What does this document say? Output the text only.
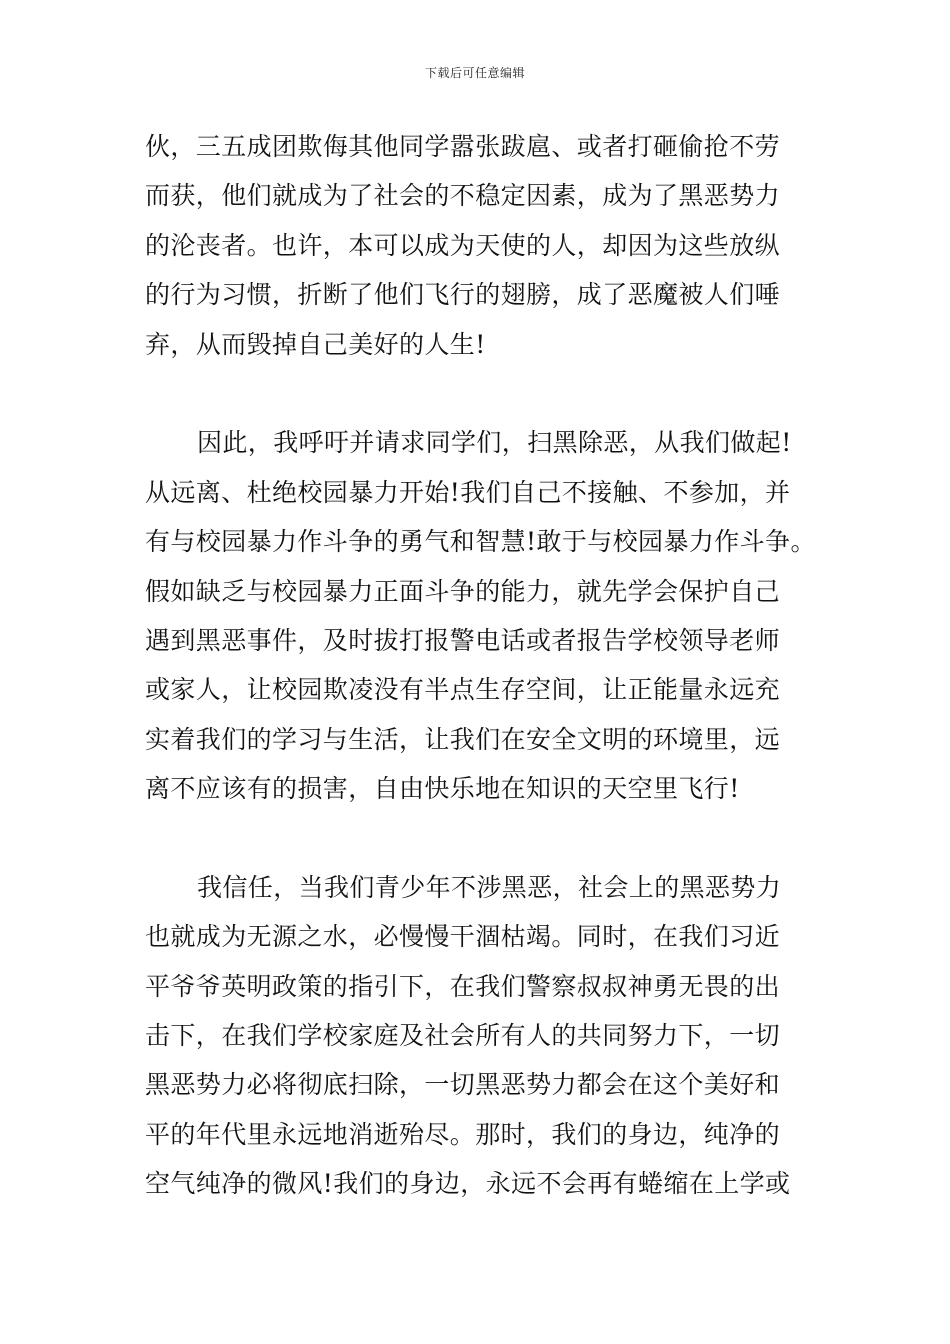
下载后可任意编辑
伙，三五成团欺侮其他同学嚣张跋扈、或者打砸偷抢不劳
而获，他们就成为了社会的不稳定因素，成为了黑恶势力
的沦丧者。也许，本可以成为天使的人，却因为这些放纵
的行为习惯，折断了他们飞行的翅膀，成了恶魔被人们唾
弃，从而毁掉自己美好的人生!
因此，我呼吁并请求同学们，扫黑除恶，从我们做起!
从远离、杜绝校园暴力开始!我们自己不接触、不参加，并
有与校园暴力作斗争的勇气和智慧!敢于与校园暴力作斗争。
假如缺乏与校园暴力正面斗争的能力，就先学会保护自己
遇到黑恶事件，及时拔打报警电话或者报告学校领导老师
或家人，让校园欺凌没有半点生存空间，让正能量永远充
实着我们的学习与生活，让我们在安全文明的环境里，远
离不应该有的损害，自由快乐地在知识的天空里飞行!
我信任，当我们青少年不涉黑恶，社会上的黑恶势力
也就成为无源之水，必慢慢干涸枯竭。同时，在我们习近
平爷爷英明政策的指引下，在我们警察叔叔神勇无畏的出
击下，在我们学校家庭及社会所有人的共同努力下，一切
黑恶势力必将彻底扫除，一切黑恶势力都会在这个美好和
平的年代里永远地消逝殆尽。那时，我们的身边，纯净的
空气纯净的微风!我们的身边，永远不会再有蜷缩在上学或
